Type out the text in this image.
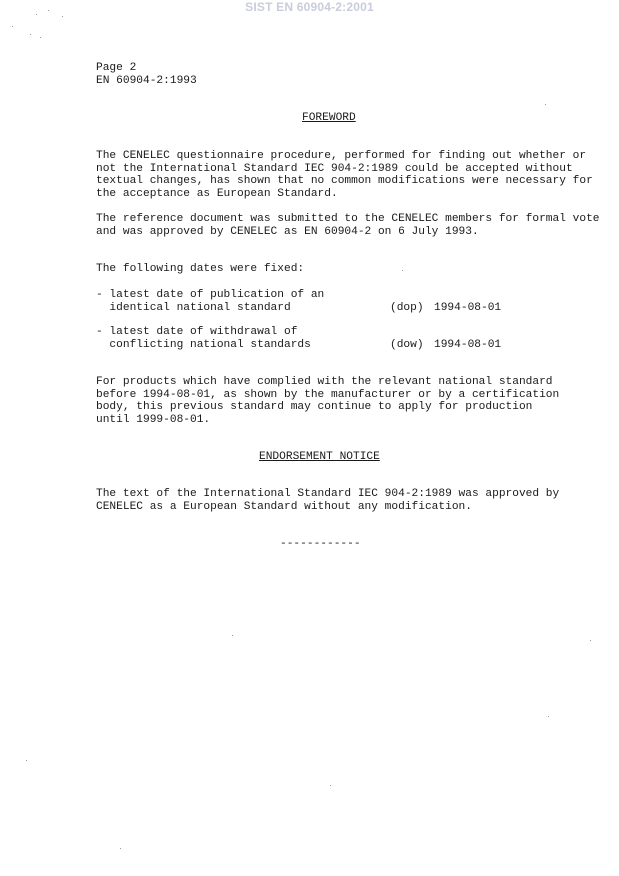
SIST EN 60904-2:2001
Page 2
EN 60904-2:1993
FOREWORD
The CENELEC questionnaire procedure, performed for finding out whether or
not the International Standard IEC 904-2:1989 could be accepted without
textual changes, has shown that no common modifications were necessary for
the acceptance as European Standard.
The reference document was submitted to the CENELEC members for formal vote
and was approved by CENELEC as EN 60904-2 on 6 July 1993.
The following dates were fixed:
- latest date of publication of an
identical national standard	(dop) 1994-08-01
- latest date of withdrawal of
conflicting national standards	(dow) 1994-08-01
For products which have complied with the relevant national standard
before 1994-08-01, as shown by the manufacturer or by a certification
body, this previous standard may continue to apply for production
until 1999-08-01.
ENDORSEMENT NOTICE
The text of the International Standard IEC 904-2:1989 was approved by
CENELEC as a European Standard without any modification.
------------
